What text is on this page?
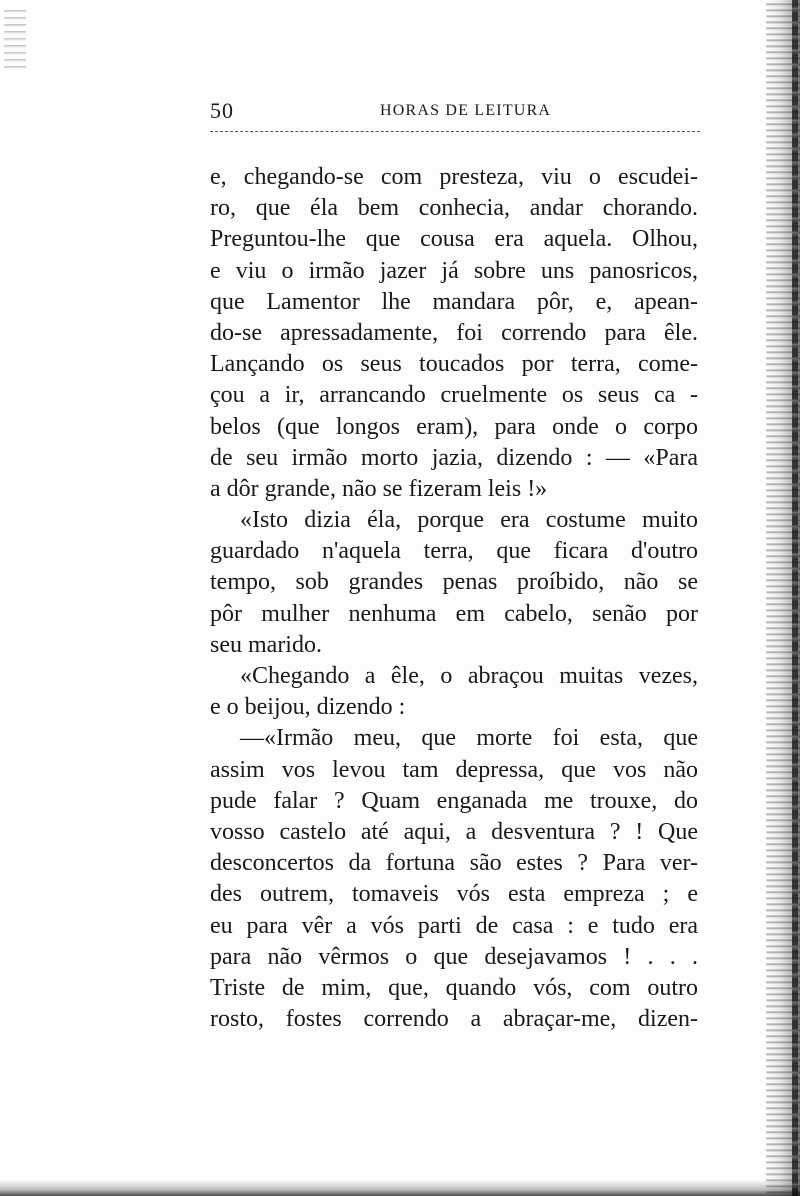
50	HORAS DE LEITURA
e, chegando-se com presteza, viu o escudei-
ro, que éla bem conhecia, andar chorando.
Preguntou-lhe que cousa era aquela. Olhou,
e viu o irmão jazer já sobre uns panosricos,
que Lamentor lhe mandara pôr, e, apean-
do-se apressadamente, foi correndo para êle.
Lançando os seus toucados por terra, come-
çou a ir, arrancando cruelmente os seus ca -
belos (que longos eram), para onde o corpo
de seu irmão morto jazia, dizendo : — «Para
a dôr grande, não se fizeram leis !»
«Isto dizia éla, porque era costume muito
guardado n'aquela terra, que ficara d'outro
tempo, sob grandes penas proíbido, não se
pôr mulher nenhuma em cabelo, senão por
seu marido.
«Chegando a êle, o abraçou muitas vezes,
e o beijou, dizendo :
—«Irmão meu, que morte foi esta, que
assim vos levou tam depressa, que vos não
pude falar ? Quam enganada me trouxe, do
vosso castelo até aqui, a desventura ? ! Que
desconcertos da fortuna são estes ? Para ver-
des outrem, tomaveis vós esta empreza ; e
eu para vêr a vós parti de casa : e tudo era
para não vêrmos o que desejavamos ! . . .
Triste de mim, que, quando vós, com outro
rosto, fostes correndo a abraçar-me, dizen-
